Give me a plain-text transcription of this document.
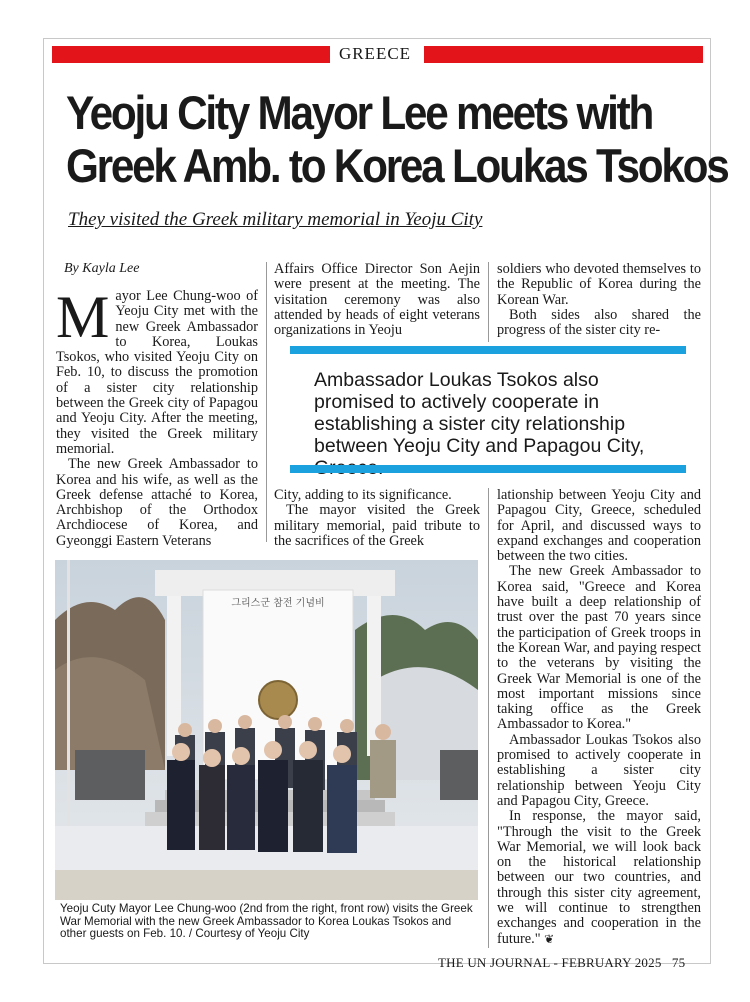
GREECE
Yeoju City Mayor Lee meets with
Greek Amb. to Korea Loukas Tsokos
They visited the Greek military memorial in Yeoju City
By Kayla Lee

Mayor Lee Chung-woo of Yeoju City met with the new Greek Ambassador to Korea, Loukas Tsokos, who visited Yeoju City on Feb. 10, to discuss the promotion of a sister city relationship between the Greek city of Papagou and Yeoju City. After the meeting, they visited the Greek military memorial.

The new Greek Ambassador to Korea and his wife, as well as the Greek defense attaché to Korea, Archbishop of the Orthodox Archdiocese of Korea, and Gyeonggi Eastern Veterans

Affairs Office Director Son Aejin were present at the meeting. The visitation ceremony was also attended by heads of eight veterans organizations in Yeoju

soldiers who devoted themselves to the Republic of Korea during the Korean War.

Both sides also shared the progress of the sister city re-

Ambassador Loukas Tsokos also promised to actively cooperate in establishing a sister city relationship between Yeoju City and Papagou City,

City, adding to its significance.

The mayor visited the Greek military memorial, paid tribute to the sacrifices of the Greek

lationship between Yeoju City and Papagou City, Greece, scheduled for April, and discussed ways to expand exchanges and cooperation between the two cities.

The new Greek Ambassador to Korea said, "Greece and Korea have built a deep relationship of trust over the past 70 years since the participation of Greek troops in the Korean War, and paying respect to the veterans by visiting the Greek War Memorial is one of the most important missions since taking office as the Greek Ambassador to Korea."

Ambassador Loukas Tsokos also promised to actively cooperate in establishing a sister city relationship between Yeoju City and Papagou City, Greece.

In response, the mayor said, "Through the visit to the Greek War Memorial, we will look back on the historical relationship between our two countries, and through this sister city agreement, we will continue to strengthen exchanges and cooperation in the future." ❦

그리스군 참전 기념비
Yeoju Cuty Mayor Lee Chung-woo (2nd from the right, front row) visits the Greek War Memorial with the new Greek Ambassador to Korea Loukas Tsokos and other guests on Feb. 10. / Courtesy of Yeoju City
THE UN JOURNAL - FEBRUARY 2025 75
